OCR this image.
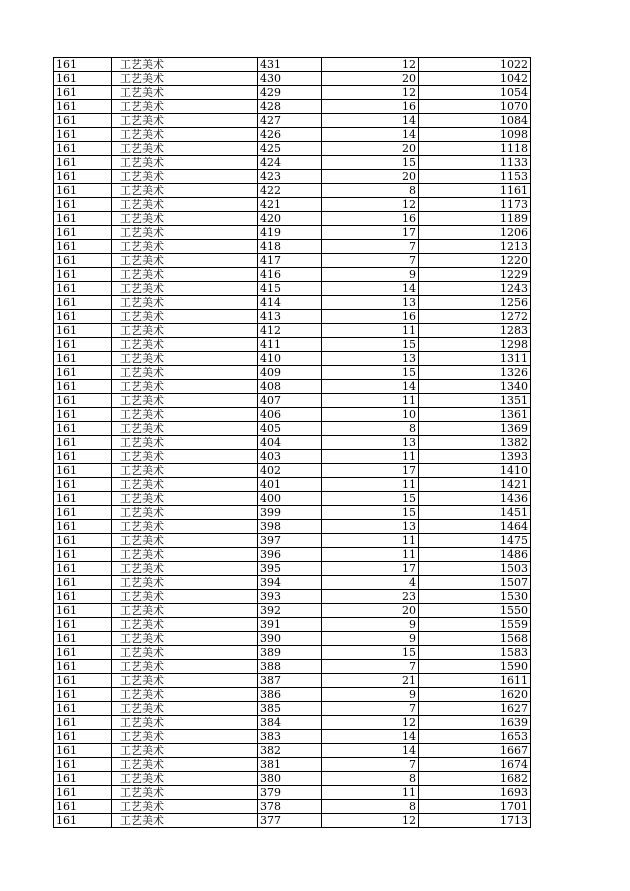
161	工艺美术	431	12	1022
161	工艺美术	430	20	1042
161	工艺美术	429	12	1054
161	工艺美术	428	16	1070
161	工艺美术	427	14	1084
161	工艺美术	426	14	1098
161	工艺美术	425	20	1118
161	工艺美术	424	15	1133
161	工艺美术	423	20	1153
161	工艺美术	422	8	1161
161	工艺美术	421	12	1173
161	工艺美术	420	16	1189
161	工艺美术	419	17	1206
161	工艺美术	418	7	1213
161	工艺美术	417	7	1220
161	工艺美术	416	9	1229
161	工艺美术	415	14	1243
161	工艺美术	414	13	1256
161	工艺美术	413	16	1272
161	工艺美术	412	11	1283
161	工艺美术	411	15	1298
161	工艺美术	410	13	1311
161	工艺美术	409	15	1326
161	工艺美术	408	14	1340
161	工艺美术	407	11	1351
161	工艺美术	406	10	1361
161	工艺美术	405	8	1369
161	工艺美术	404	13	1382
161	工艺美术	403	11	1393
161	工艺美术	402	17	1410
161	工艺美术	401	11	1421
161	工艺美术	400	15	1436
161	工艺美术	399	15	1451
161	工艺美术	398	13	1464
161	工艺美术	397	11	1475
161	工艺美术	396	11	1486
161	工艺美术	395	17	1503
161	工艺美术	394	4	1507
161	工艺美术	393	23	1530
161	工艺美术	392	20	1550
161	工艺美术	391	9	1559
161	工艺美术	390	9	1568
161	工艺美术	389	15	1583
161	工艺美术	388	7	1590
161	工艺美术	387	21	1611
161	工艺美术	386	9	1620
161	工艺美术	385	7	1627
161	工艺美术	384	12	1639
161	工艺美术	383	14	1653
161	工艺美术	382	14	1667
161	工艺美术	381	7	1674
161	工艺美术	380	8	1682
161	工艺美术	379	11	1693
161	工艺美术	378	8	1701
161	工艺美术	377	12	1713
